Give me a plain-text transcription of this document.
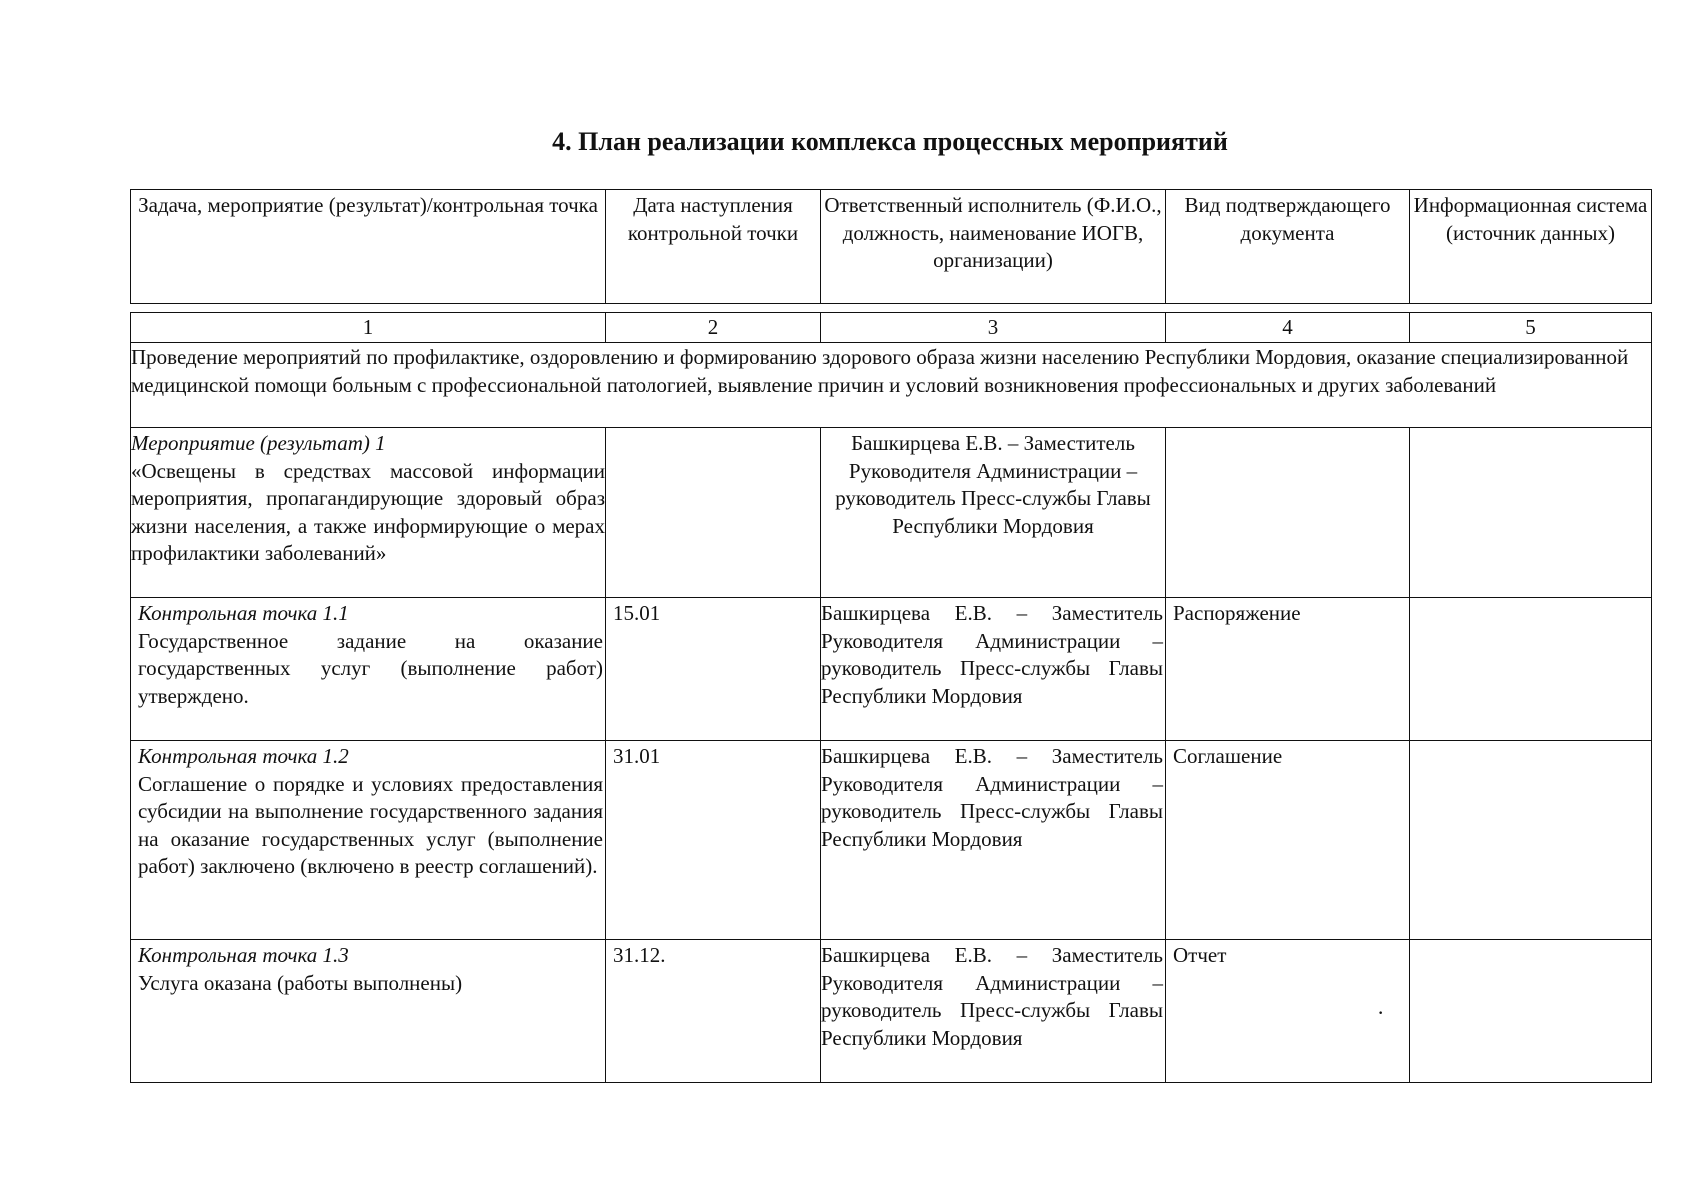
4. План реализации комплекса процессных мероприятий
Задача, мероприятие (результат)/контрольная точка	Дата наступления контрольной точки	Ответственный исполнитель (Ф.И.О., должность, наименование ИОГВ, организации)	Вид подтверждающего документа	Информационная система (источник данных)
1	2	3	4	5
Проведение мероприятий по профилактике, оздоровлению и формированию здорового образа жизни населению Республики Мордовия, оказание специализированной медицинской помощи больным с профессиональной патологией, выявление причин и условий возникновения профессиональных и других заболеваний				

Мероприятие (результат) 1
«Освещены в средствах массовой информации мероприятия, пропагандирующие здоровый образ жизни населения, а также информирующие о мерах профилактики заболеваний»		Башкирцева Е.В. – Заместитель Руководителя Администрации – руководитель Пресс-службы Главы Республики Мордовия		

Контрольная точка 1.1
Государственное задание на оказание государственных услуг (выполнение работ) утверждено.	15.01	Башкирцева Е.В. – Заместитель Руководителя Администрации – руководитель Пресс-службы Главы Республики Мордовия	Распоряжение	

Контрольная точка 1.2
Соглашение о порядке и условиях предоставления субсидии на выполнение государственного задания на оказание государственных услуг (выполнение работ) заключено (включено в реестр соглашений).	31.01	Башкирцева Е.В. – Заместитель Руководителя Администрации – руководитель Пресс-службы Главы Республики Мордовия	Соглашение	

Контрольная точка 1.3
Услуга оказана (работы выполнены)	31.12.	Башкирцева Е.В. – Заместитель Руководителя Администрации – руководитель Пресс-службы Главы Республики Мордовия	Отчет	
·
